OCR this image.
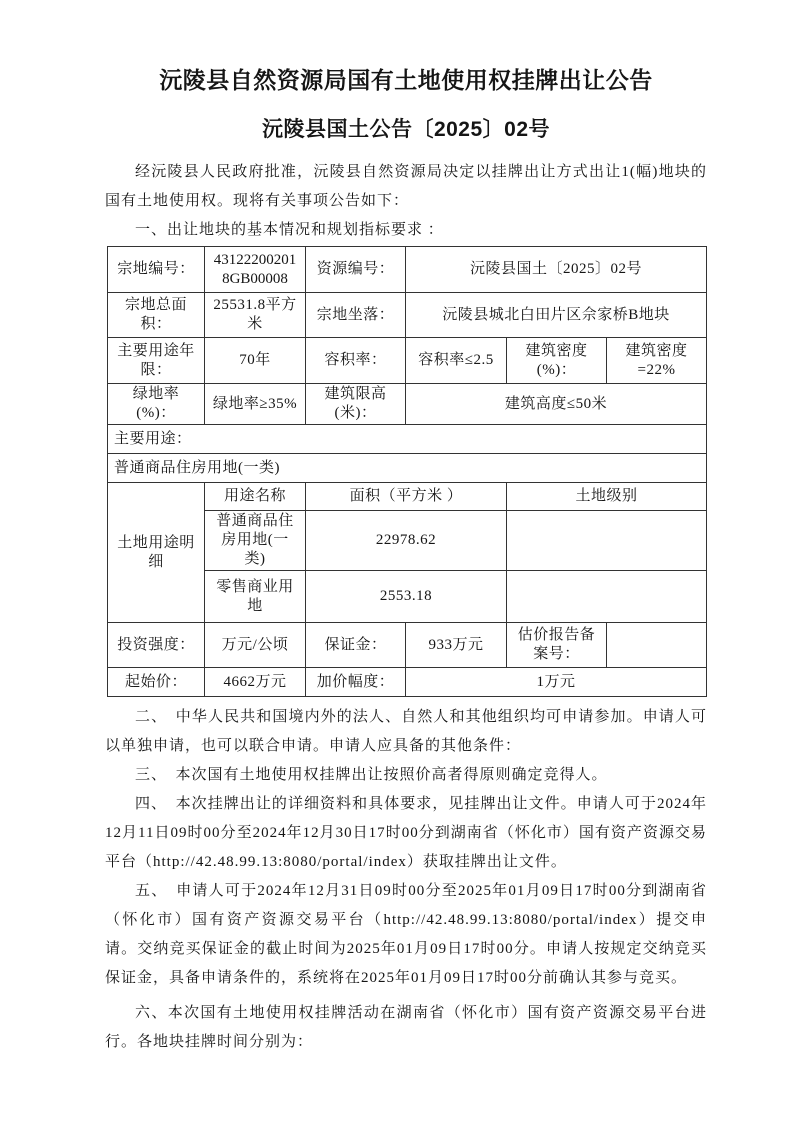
沅陵县自然资源局国有土地使用权挂牌出让公告
沅陵县国土公告〔2025〕02号

经沅陵县人民政府批准，沅陵县自然资源局决定以挂牌出让方式出让1(幅)地块的国有土地使用权。现将有关事项公告如下：

一、出让地块的基本情况和规划指标要求 ：

宗地编号：	431222002018GB00008	资源编号：	沅陵县国土〔2025〕02号		
宗地总面积：	25531.8平方米	宗地坐落：	沅陵县城北白田片区佘家桥B地块		
主要用途年限：	70年	容积率：	容积率≤2.5	建筑密度(%)：	建筑密度=22%
绿地率(%)：	绿地率≥35%	建筑限高(米)：	建筑高度≤50米		
主要用途：					
普通商品住房用地(一类)					
土地用途明细	用途名称	面积（平方米 ）		土地级别	
	普通商品住房用地(一类)	22978.62			
	零售商业用地	2553.18			
投资强度：	万元/公顷	保证金：	933万元	估价报告备案号：	
起始价：	4662万元	加价幅度：	1万元		

二、　中华人民共和国境内外的法人、自然人和其他组织均可申请参加。申请人可以单独申请，也可以联合申请。申请人应具备的其他条件：

三、　本次国有土地使用权挂牌出让按照价高者得原则确定竞得人。

四、　本次挂牌出让的详细资料和具体要求，见挂牌出让文件。申请人可于2024年12月11日09时00分至2024年12月30日17时00分到湖南省（怀化市）国有资产资源交易平台（http://42.48.99.13:8080/portal/index）获取挂牌出让文件。

五、　申请人可于2024年12月31日09时00分至2025年01月09日17时00分到湖南省（怀化市）国有资产资源交易平台（http://42.48.99.13:8080/portal/index）提交申请。交纳竞买保证金的截止时间为2025年01月09日17时00分。申请人按规定交纳竞买保证金，具备申请条件的，系统将在2025年01月09日17时00分前确认其参与竞买。

六、本次国有土地使用权挂牌活动在湖南省（怀化市）国有资产资源交易平台进行。各地块挂牌时间分别为：
